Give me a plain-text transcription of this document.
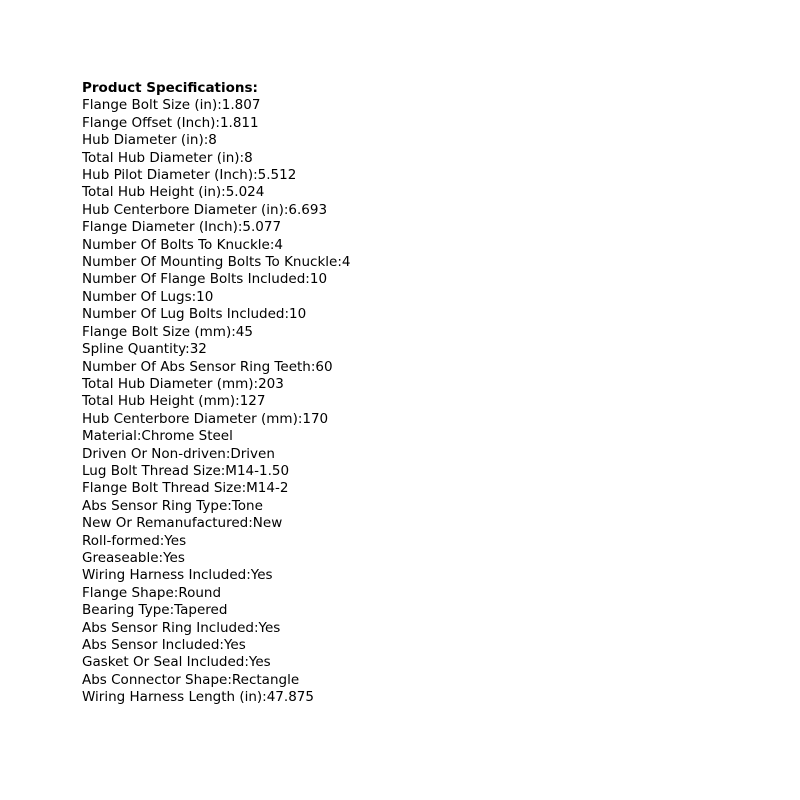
Product Specifications:
Flange Bolt Size (in):1.807
Flange Offset (Inch):1.811
Hub Diameter (in):8
Total Hub Diameter (in):8
Hub Pilot Diameter (Inch):5.512
Total Hub Height (in):5.024
Hub Centerbore Diameter (in):6.693
Flange Diameter (Inch):5.077
Number Of Bolts To Knuckle:4
Number Of Mounting Bolts To Knuckle:4
Number Of Flange Bolts Included:10
Number Of Lugs:10
Number Of Lug Bolts Included:10
Flange Bolt Size (mm):45
Spline Quantity:32
Number Of Abs Sensor Ring Teeth:60
Total Hub Diameter (mm):203
Total Hub Height (mm):127
Hub Centerbore Diameter (mm):170
Material:Chrome Steel
Driven Or Non-driven:Driven
Lug Bolt Thread Size:M14-1.50
Flange Bolt Thread Size:M14-2
Abs Sensor Ring Type:Tone
New Or Remanufactured:New
Roll-formed:Yes
Greaseable:Yes
Wiring Harness Included:Yes
Flange Shape:Round
Bearing Type:Tapered
Abs Sensor Ring Included:Yes
Abs Sensor Included:Yes
Gasket Or Seal Included:Yes
Abs Connector Shape:Rectangle
Wiring Harness Length (in):47.875
